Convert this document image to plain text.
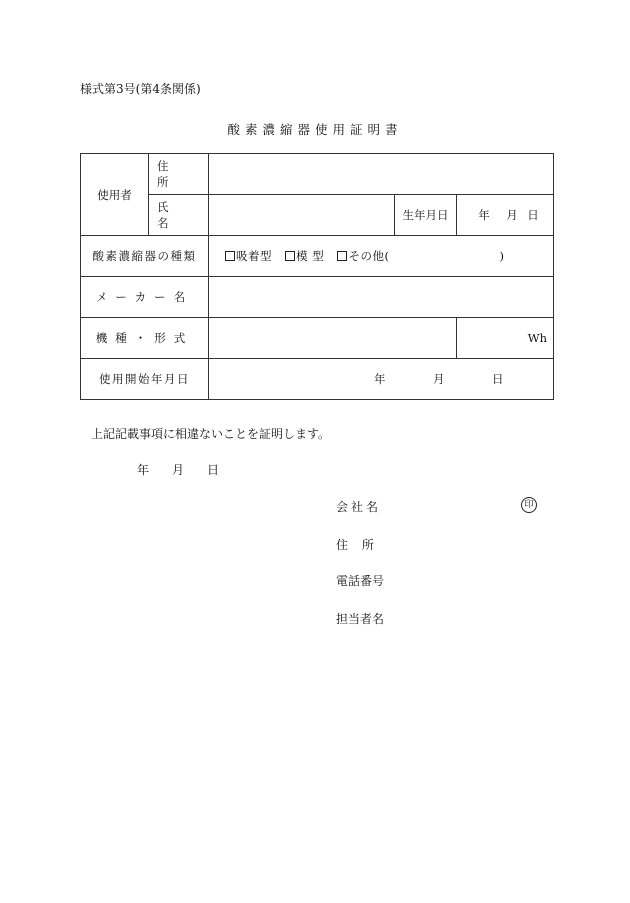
様式第3号(第4条関係)
酸素濃縮器使用証明書
使用者	住 所			
	氏 名		生年月日	年 月 日
酸素濃縮器の種類		吸着型 模 型 その他( )		
メーカー名				
機種・形式				Wh
使用開始年月日		年 月 日		
上記記載事項に相違ないことを証明します。
年 月 日
会社名	印
住 所
電話番号
担当者名
